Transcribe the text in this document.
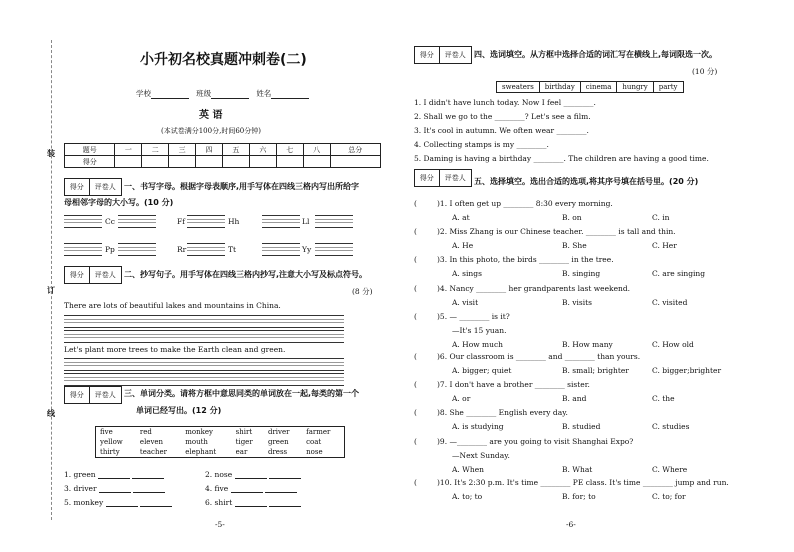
装
订
线
小升初名校真题冲刺卷(二)
学校	班级	姓名
英 语
(本试卷满分100分,时间60分钟)
题号	一	二	三	四	五	六	七	八	总分
得分									
得分	评卷人	一、书写字母。根据字母表顺序,用手写体在四线三格内写出所给字
母相邻字母的大小写。(10 分)
Cc	Ff	Hh	Ll
Pp	Rr	Tt	Yy
得分	评卷人	二、抄写句子。用手写体在四线三格内抄写,注意大小写及标点符号。
(8 分)
There are lots of beautiful lakes and mountains in China.
Let's plant more trees to make the Earth clean and green.
得分	评卷人	三、单词分类。请将方框中意思同类的单词放在一起,每类的第一个
单词已经写出。(12 分)
five	red	monkey	shirt	driver	farmer
yellow	eleven	mouth	tiger	green	coat
thirty	teacher	elephant	ear	dress	nose
1. green	2. nose
3. driver	4. five
5. monkey	6. shirt
-5-
得分	评卷人	四、选词填空。从方框中选择合适的词汇写在横线上,每词限选一次。
(10 分)
sweaters	birthday	cinema	hungry	party
1. I didn't have lunch today. Now I feel ________.
2. Shall we go to the ________? Let's see a film.
3. It's cool in autumn. We often wear ________.
4. Collecting stamps is my ________.
5. Daming is having a birthday ________. The children are having a good time.
得分	评卷人	五、选择填空。选出合适的选项,将其序号填在括号里。(20 分)
(	)1. I often get up ________ 8:30 every morning.
A. at	B. on	C. in
(	)2. Miss Zhang is our Chinese teacher. ________ is tall and thin.
A. He	B. She	C. Her
(	)3. In this photo, the birds ________ in the tree.
A. sings	B. singing	C. are singing
(	)4. Nancy ________ her grandparents last weekend.
A. visit	B. visits	C. visited
(	)5. — ________ is it?
—It's 15 yuan.
A. How much	B. How many	C. How old
(	)6. Our classroom is ________ and ________ than yours.
A. bigger; quiet	B. small; brighter	C. bigger;brighter
(	)7. I don't have a brother ________ sister.
A. or	B. and	C. the
(	)8. She ________ English every day.
A. is studying	B. studied	C. studies
(	)9. —________ are you going to visit Shanghai Expo?
—Next Sunday.
A. When	B. What	C. Where
(	)10. It's 2:30 p.m. It's time ________ PE class. It's time ________ jump and run.
A. to; to	B. for; to	C. to; for
-6-
